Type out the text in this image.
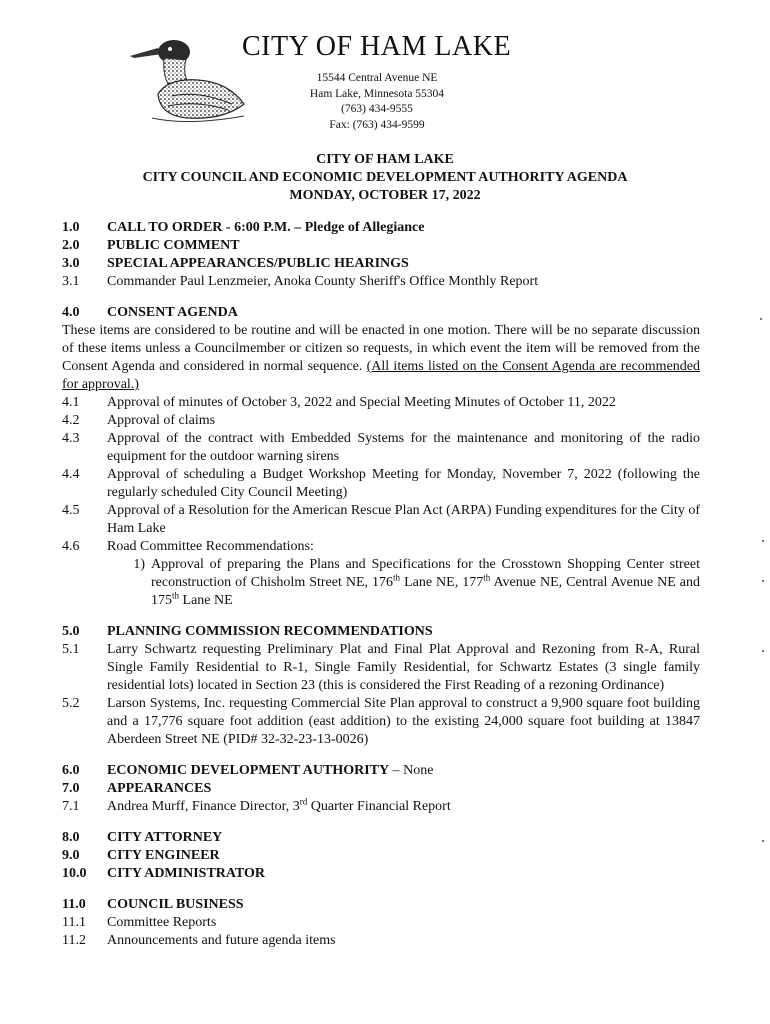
CITY OF HAM LAKE
15544 Central Avenue NE
Ham Lake, Minnesota 55304
(763) 434-9555
Fax: (763) 434-9599
CITY OF HAM LAKE
CITY COUNCIL AND ECONOMIC DEVELOPMENT AUTHORITY AGENDA
MONDAY, OCTOBER 17, 2022
1.0	CALL TO ORDER - 6:00 P.M. – Pledge of Allegiance
2.0	PUBLIC COMMENT
3.0	SPECIAL APPEARANCES/PUBLIC HEARINGS
3.1	Commander Paul Lenzmeier, Anoka County Sheriff's Office Monthly Report
4.0	CONSENT AGENDA
These items are considered to be routine and will be enacted in one motion. There will be no separate discussion of these items unless a Councilmember or citizen so requests, in which event the item will be removed from the Consent Agenda and considered in normal sequence. (All items listed on the Consent Agenda are recommended for approval.)
4.1	Approval of minutes of October 3, 2022 and Special Meeting Minutes of October 11, 2022
4.2	Approval of claims
4.3	Approval of the contract with Embedded Systems for the maintenance and monitoring of the radio equipment for the outdoor warning sirens
4.4	Approval of scheduling a Budget Workshop Meeting for Monday, November 7, 2022 (following the regularly scheduled City Council Meeting)
4.5	Approval of a Resolution for the American Rescue Plan Act (ARPA) Funding expenditures for the City of Ham Lake
4.6	Road Committee Recommendations:
1) Approval of preparing the Plans and Specifications for the Crosstown Shopping Center street reconstruction of Chisholm Street NE, 176th Lane NE, 177th Avenue NE, Central Avenue NE and 175th Lane NE
5.0	PLANNING COMMISSION RECOMMENDATIONS
5.1	Larry Schwartz requesting Preliminary Plat and Final Plat Approval and Rezoning from R-A, Rural Single Family Residential to R-1, Single Family Residential, for Schwartz Estates (3 single family residential lots) located in Section 23 (this is considered the First Reading of a rezoning Ordinance)
5.2	Larson Systems, Inc. requesting Commercial Site Plan approval to construct a 9,900 square foot building and a 17,776 square foot addition (east addition) to the existing 24,000 square foot building at 13847 Aberdeen Street NE (PID# 32-32-23-13-0026)
6.0	ECONOMIC DEVELOPMENT AUTHORITY – None
7.0	APPEARANCES
7.1	Andrea Murff, Finance Director, 3rd Quarter Financial Report
8.0	CITY ATTORNEY
9.0	CITY ENGINEER
10.0	CITY ADMINISTRATOR
11.0	COUNCIL BUSINESS
11.1	Committee Reports
11.2	Announcements and future agenda items
